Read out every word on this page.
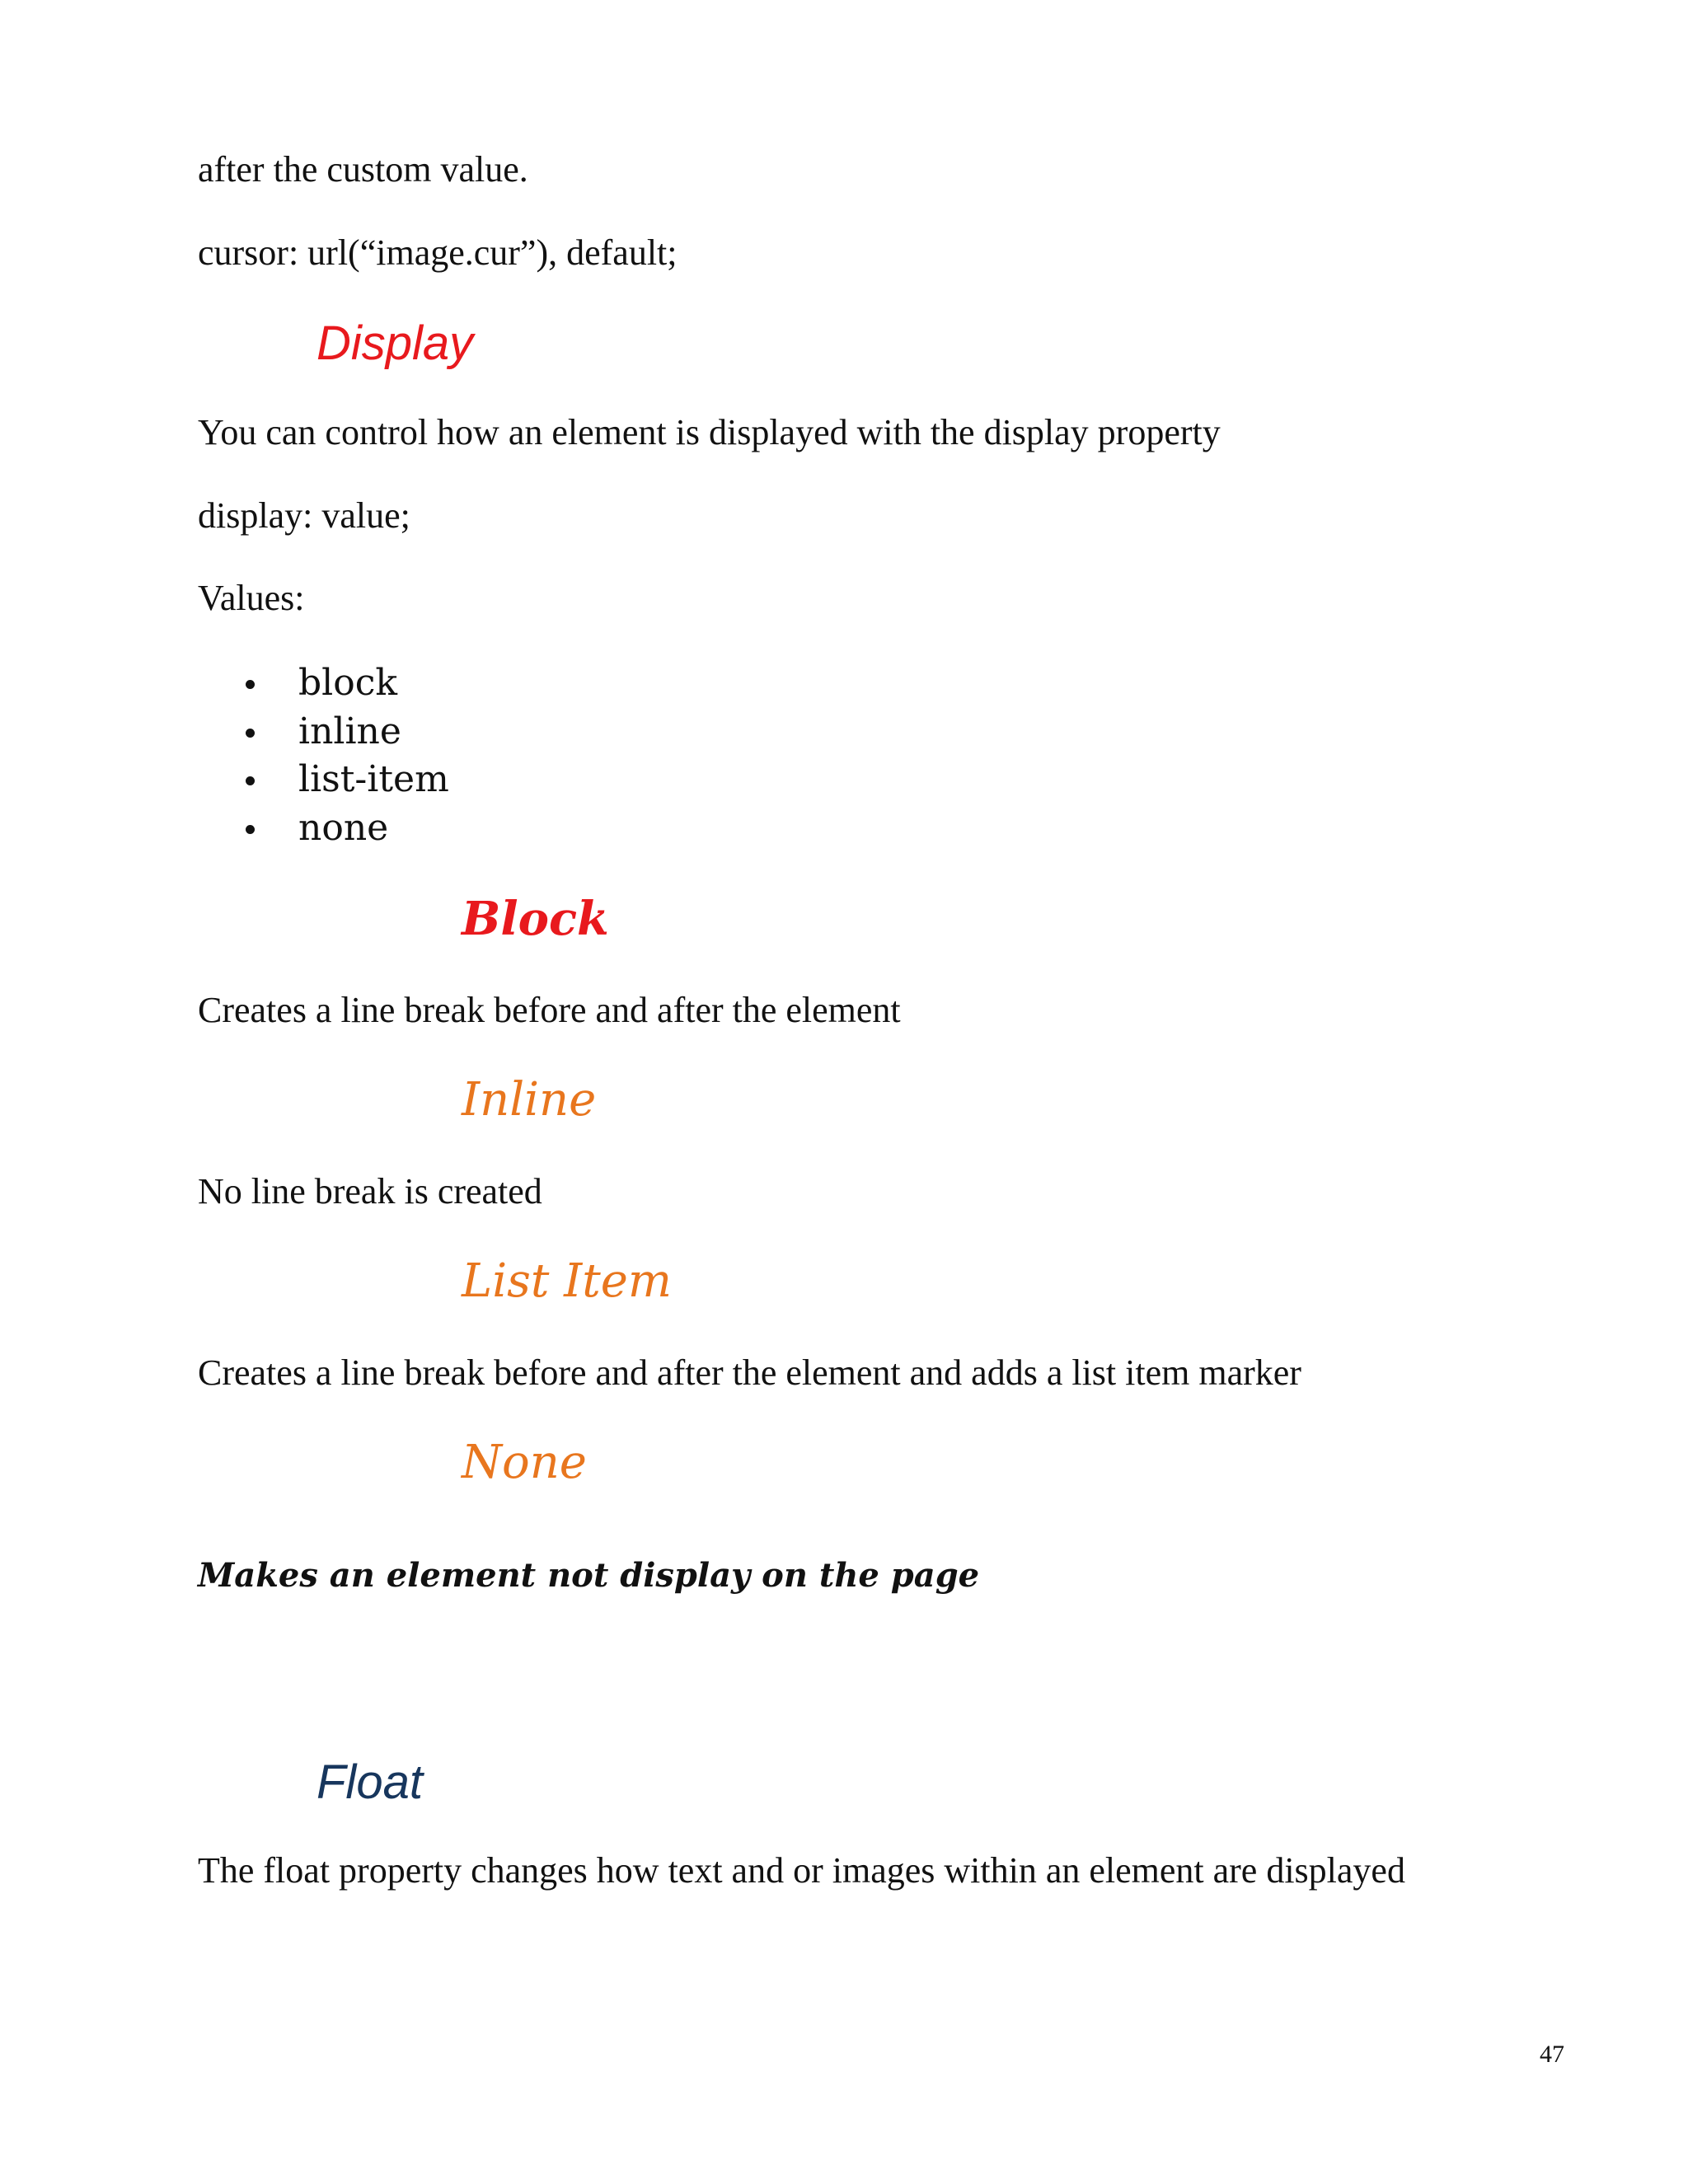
after the custom value.

cursor: url(“image.cur”), default;

Display

You can control how an element is displayed with the display property

display: value;

Values:

block
inline
list-item
none
Block

Creates a line break before and after the element

Inline

No line break is created

List Item

Creates a line break before and after the element and adds a list item marker

None

Makes an element not display on the page

Float

The float property changes how text and or images within an element are displayed

47
